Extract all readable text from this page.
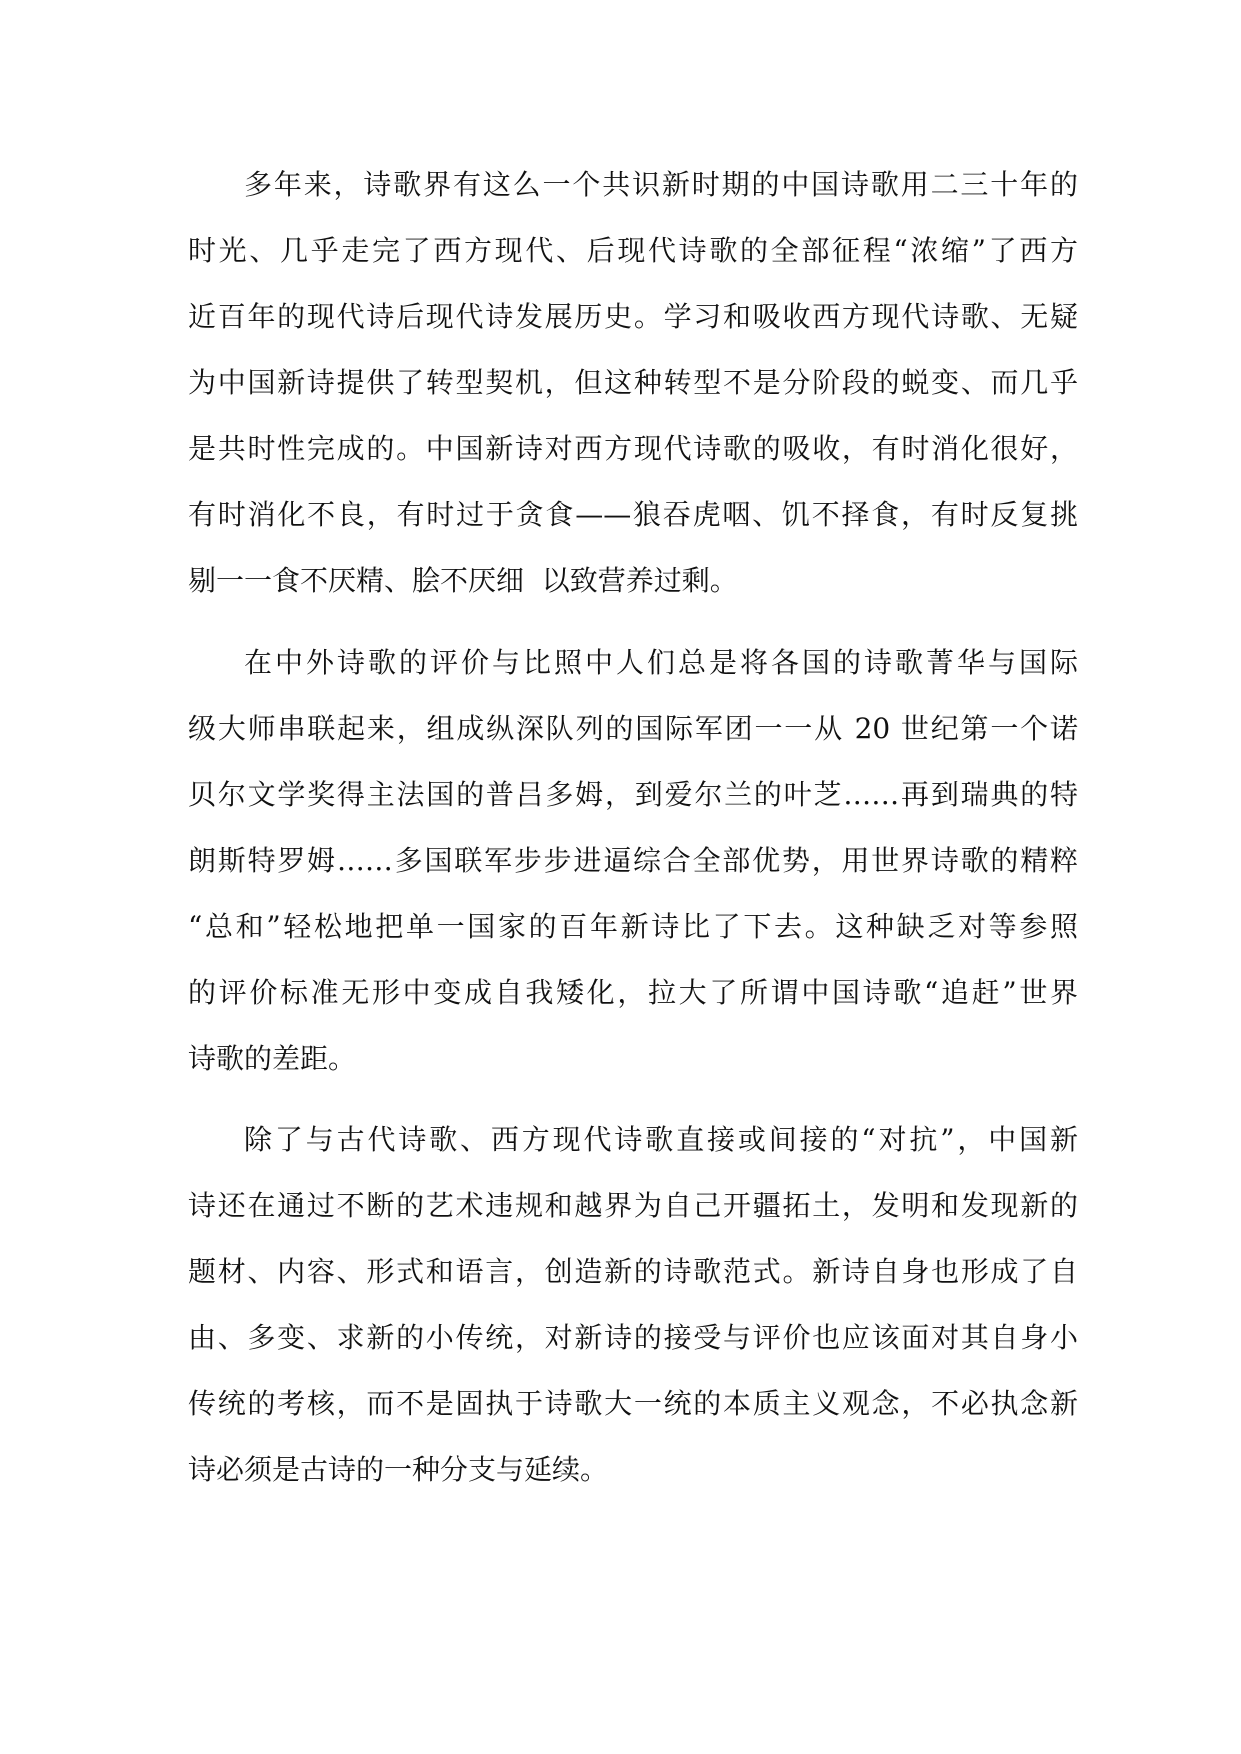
多年来，诗歌界有这么一个共识新时期的中国诗歌用二三十年的
时光、几乎走完了西方现代、后现代诗歌的全部征程“浓缩”了西方
近百年的现代诗后现代诗发展历史。学习和吸收西方现代诗歌、无疑
为中国新诗提供了转型契机，但这种转型不是分阶段的蜕变、而几乎
是共时性完成的。中国新诗对西方现代诗歌的吸收，有时消化很好，
有时消化不良，有时过于贪食——狼吞虎咽、饥不择食，有时反复挑
剔一一食不厌精、脍不厌细  以致营养过剩。
在中外诗歌的评价与比照中人们总是将各国的诗歌菁华与国际
级大师串联起来，组成纵深队列的国际军团一一从 20 世纪第一个诺
贝尔文学奖得主法国的普吕多姆，到爱尔兰的叶芝……再到瑞典的特
朗斯特罗姆……多国联军步步进逼综合全部优势，用世界诗歌的精粹
“总和”轻松地把单一国家的百年新诗比了下去。这种缺乏对等参照
的评价标准无形中变成自我矮化，拉大了所谓中国诗歌“追赶”世界
诗歌的差距。
除了与古代诗歌、西方现代诗歌直接或间接的“对抗”，中国新
诗还在通过不断的艺术违规和越界为自己开疆拓土，发明和发现新的
题材、内容、形式和语言，创造新的诗歌范式。新诗自身也形成了自
由、多变、求新的小传统，对新诗的接受与评价也应该面对其自身小
传统的考核，而不是固执于诗歌大一统的本质主义观念，不必执念新
诗必须是古诗的一种分支与延续。
